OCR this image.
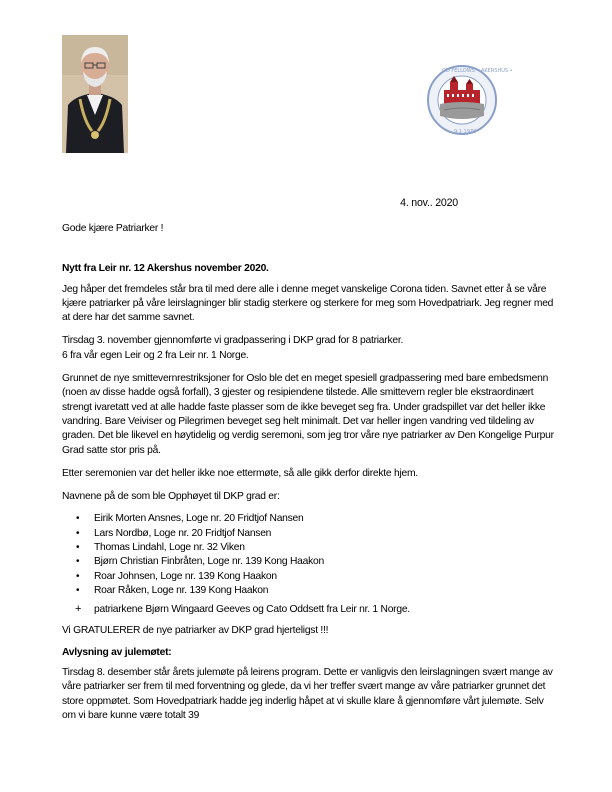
OD FELLOWS • AKERSHUS •
9·1·1979
4. nov.. 2020

Gode kjære Patriarker !

Nytt fra Leir nr. 12 Akershus november 2020.

Jeg håper det fremdeles står bra til med dere alle i denne meget vanskelige Corona tiden. Savnet etter å se våre kjære patriarker på våre leirslagninger blir stadig sterkere og sterkere for meg som Hovedpatriark. Jeg regner med at dere har det samme savnet.

Tirsdag 3. november gjennomførte vi gradpassering i DKP grad for 8 patriarker.

6 fra vår egen Leir og 2 fra Leir nr. 1 Norge.

Grunnet de nye smittevernrestriksjoner for Oslo ble det en meget spesiell gradpassering med bare embedsmenn (noen av disse hadde også forfall), 3 gjester og resipiendene tilstede. Alle smittevern regler ble ekstraordinært strengt ivaretatt ved at alle hadde faste plasser som de ikke beveget seg fra. Under gradspillet var det heller ikke vandring. Bare Veiviser og Pilegrimen beveget seg helt minimalt. Det var heller ingen vandring ved tildeling av graden. Det ble likevel en høytidelig og verdig seremoni, som jeg tror våre nye patriarker av Den Kongelige Purpur Grad satte stor pris på.

Etter seremonien var det heller ikke noe ettermøte, så alle gikk derfor direkte hjem.

Navnene på de som ble Opphøyet til DKP grad er:

• Eirik Morten Ansnes, Loge nr. 20 Fridtjof Nansen
• Lars Nordbø, Loge nr. 20 Fridtjof Nansen
• Thomas Lindahl, Loge nr. 32 Viken
• Bjørn Christian Finbråten, Loge nr. 139 Kong Haakon
• Roar Johnsen, Loge nr. 139 Kong Haakon
• Roar Råken, Loge nr. 139 Kong Haakon
+ patriarkene Bjørn Wingaard Geeves og Cato Oddsett fra Leir nr. 1 Norge.

Vi GRATULERER de nye patriarker av DKP grad hjerteligst !!!

Avlysning av julemøtet:

Tirsdag 8. desember står årets julemøte på leirens program. Dette er vanligvis den leirslagningen svært mange av våre patriarker ser frem til med forventning og glede, da vi her treffer svært mange av våre patriarker grunnet det store oppmøtet. Som Hovedpatriark hadde jeg inderlig håpet at vi skulle klare å gjennomføre vårt julemøte. Selv om vi bare kunne være totalt 39
